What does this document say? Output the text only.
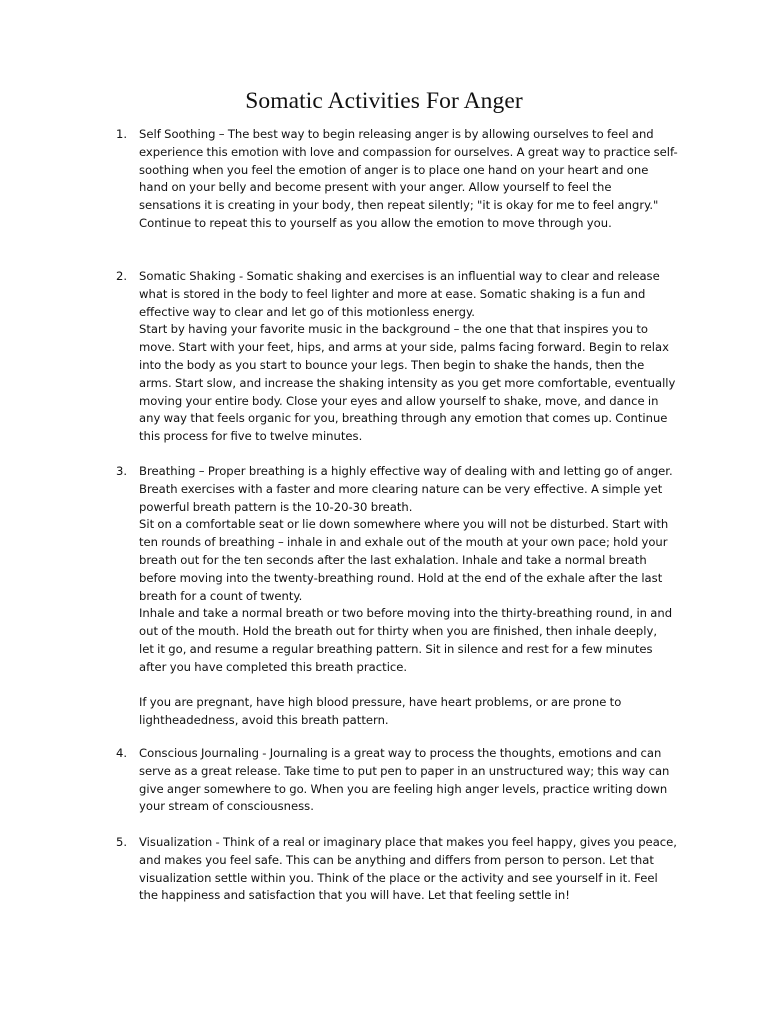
Somatic Activities For Anger
1. Self Soothing – The best way to begin releasing anger is by allowing ourselves to feel and
experience this emotion with love and compassion for ourselves. A great way to practice self-
soothing when you feel the emotion of anger is to place one hand on your heart and one
hand on your belly and become present with your anger. Allow yourself to feel the
sensations it is creating in your body, then repeat silently; "it is okay for me to feel angry."
Continue to repeat this to yourself as you allow the emotion to move through you.

2. Somatic Shaking - Somatic shaking and exercises is an influential way to clear and release
what is stored in the body to feel lighter and more at ease. Somatic shaking is a fun and
effective way to clear and let go of this motionless energy.

Start by having your favorite music in the background – the one that that inspires you to
move. Start with your feet, hips, and arms at your side, palms facing forward. Begin to relax
into the body as you start to bounce your legs. Then begin to shake the hands, then the
arms. Start slow, and increase the shaking intensity as you get more comfortable, eventually
moving your entire body. Close your eyes and allow yourself to shake, move, and dance in
any way that feels organic for you, breathing through any emotion that comes up. Continue
this process for five to twelve minutes.

3. Breathing – Proper breathing is a highly effective way of dealing with and letting go of anger.
Breath exercises with a faster and more clearing nature can be very effective. A simple yet
powerful breath pattern is the 10-20-30 breath.

Sit on a comfortable seat or lie down somewhere where you will not be disturbed. Start with
ten rounds of breathing – inhale in and exhale out of the mouth at your own pace; hold your
breath out for the ten seconds after the last exhalation. Inhale and take a normal breath
before moving into the twenty-breathing round. Hold at the end of the exhale after the last
breath for a count of twenty.

Inhale and take a normal breath or two before moving into the thirty-breathing round, in and
out of the mouth. Hold the breath out for thirty when you are finished, then inhale deeply,
let it go, and resume a regular breathing pattern. Sit in silence and rest for a few minutes
after you have completed this breath practice.

If you are pregnant, have high blood pressure, have heart problems, or are prone to
lightheadedness, avoid this breath pattern.

4. Conscious Journaling - Journaling is a great way to process the thoughts, emotions and can
serve as a great release. Take time to put pen to paper in an unstructured way; this way can
give anger somewhere to go. When you are feeling high anger levels, practice writing down
your stream of consciousness.

5. Visualization - Think of a real or imaginary place that makes you feel happy, gives you peace,
and makes you feel safe. This can be anything and differs from person to person. Let that
visualization settle within you. Think of the place or the activity and see yourself in it. Feel
the happiness and satisfaction that you will have. Let that feeling settle in!
